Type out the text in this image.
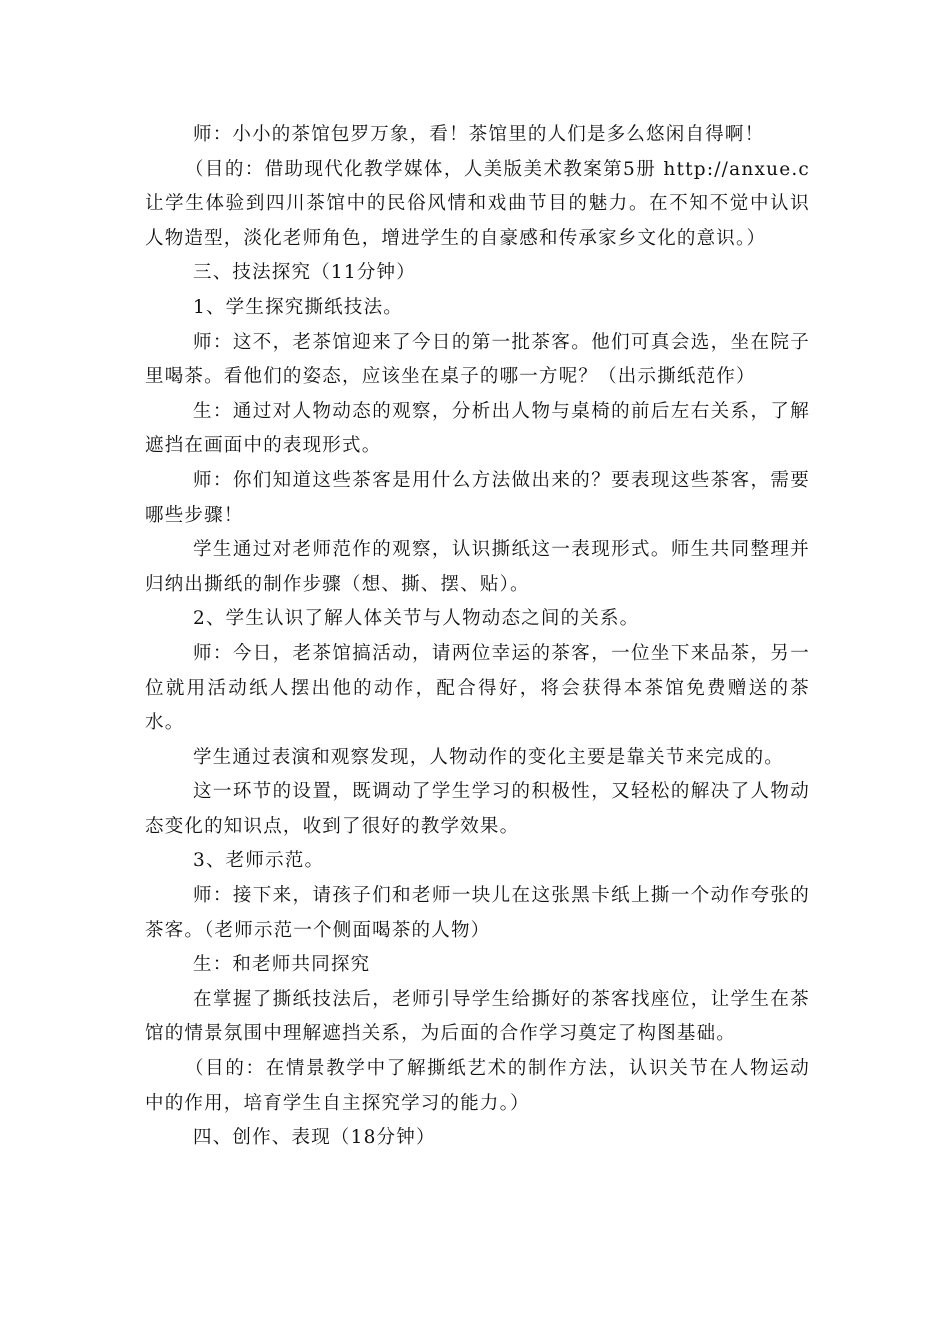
师：小小的茶馆包罗万象，看！茶馆里的人们是多么悠闲自得啊！

（目的：借助现代化教学媒体，人美版美术教案第5册 http://anxue.c 让学生体验到四川茶馆中的民俗风情和戏曲节目的魅力。在不知不觉中认识人物造型，淡化老师角色，增进学生的自豪感和传承家乡文化的意识。）

三、技法探究（11分钟）

1、学生探究撕纸技法。

师：这不，老茶馆迎来了今日的第一批茶客。他们可真会选，坐在院子里喝茶。看他们的姿态，应该坐在桌子的哪一方呢？（出示撕纸范作）

生：通过对人物动态的观察，分析出人物与桌椅的前后左右关系，了解遮挡在画面中的表现形式。

师：你们知道这些茶客是用什么方法做出来的？要表现这些茶客，需要哪些步骤！

学生通过对老师范作的观察，认识撕纸这一表现形式。师生共同整理并归纳出撕纸的制作步骤（想、撕、摆、贴）。

2、学生认识了解人体关节与人物动态之间的关系。

师：今日，老茶馆搞活动，请两位幸运的茶客，一位坐下来品茶，另一位就用活动纸人摆出他的动作，配合得好，将会获得本茶馆免费赠送的茶水。

学生通过表演和观察发现，人物动作的变化主要是靠关节来完成的。

这一环节的设置，既调动了学生学习的积极性，又轻松的解决了人物动态变化的知识点，收到了很好的教学效果。

3、老师示范。

师：接下来，请孩子们和老师一块儿在这张黑卡纸上撕一个动作夸张的茶客。（老师示范一个侧面喝茶的人物）

生：和老师共同探究

在掌握了撕纸技法后，老师引导学生给撕好的茶客找座位，让学生在茶馆的情景氛围中理解遮挡关系，为后面的合作学习奠定了构图基础。

（目的：在情景教学中了解撕纸艺术的制作方法，认识关节在人物运动中的作用，培育学生自主探究学习的能力。）

四、创作、表现（18分钟）
